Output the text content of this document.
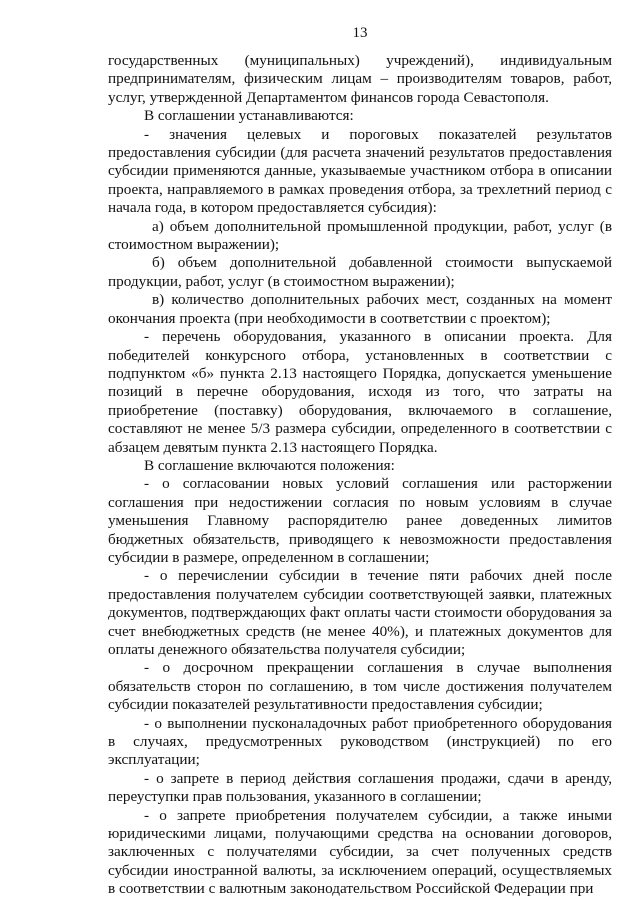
13

государственных (муниципальных) учреждений), индивидуальным предпринимателям, физическим лицам – производителям товаров, работ, услуг, утвержденной Департаментом финансов города Севастополя.

В соглашении устанавливаются:

- значения целевых и пороговых показателей результатов предоставления субсидии (для расчета значений результатов предоставления субсидии применяются данные, указываемые участником отбора в описании проекта, направляемого в рамках проведения отбора, за трехлетний период с начала года, в котором предоставляется субсидия):

а) объем дополнительной промышленной продукции, работ, услуг (в стоимостном выражении);

б) объем дополнительной добавленной стоимости выпускаемой продукции, работ, услуг (в стоимостном выражении);

в) количество дополнительных рабочих мест, созданных на момент окончания проекта (при необходимости в соответствии с проектом);

- перечень оборудования, указанного в описании проекта. Для победителей конкурсного отбора, установленных в соответствии с подпунктом «б» пункта 2.13 настоящего Порядка, допускается уменьшение позиций в перечне оборудования, исходя из того, что затраты на приобретение (поставку) оборудования, включаемого в соглашение, составляют не менее 5/3 размера субсидии, определенного в соответствии с абзацем девятым пункта 2.13 настоящего Порядка.

В соглашение включаются положения:

- о согласовании новых условий соглашения или расторжении соглашения при недостижении согласия по новым условиям в случае уменьшения Главному распорядителю ранее доведенных лимитов бюджетных обязательств, приводящего к невозможности предоставления субсидии в размере, определенном в соглашении;

- о перечислении субсидии в течение пяти рабочих дней после предоставления получателем субсидии соответствующей заявки, платежных документов, подтверждающих факт оплаты части стоимости оборудования за счет внебюджетных средств (не менее 40%), и платежных документов для оплаты денежного обязательства получателя субсидии;

- о досрочном прекращении соглашения в случае выполнения обязательств сторон по соглашению, в том числе достижения получателем субсидии показателей результативности предоставления субсидии;

- о выполнении пусконаладочных работ приобретенного оборудования в случаях, предусмотренных руководством (инструкцией) по его эксплуатации;

- о запрете в период действия соглашения продажи, сдачи в аренду, переуступки прав пользования, указанного в соглашении;

- о запрете приобретения получателем субсидии, а также иными юридическими лицами, получающими средства на основании договоров, заключенных с получателями субсидии, за счет полученных средств субсидии иностранной валюты, за исключением операций, осуществляемых в соответствии с валютным законодательством Российской Федерации при
